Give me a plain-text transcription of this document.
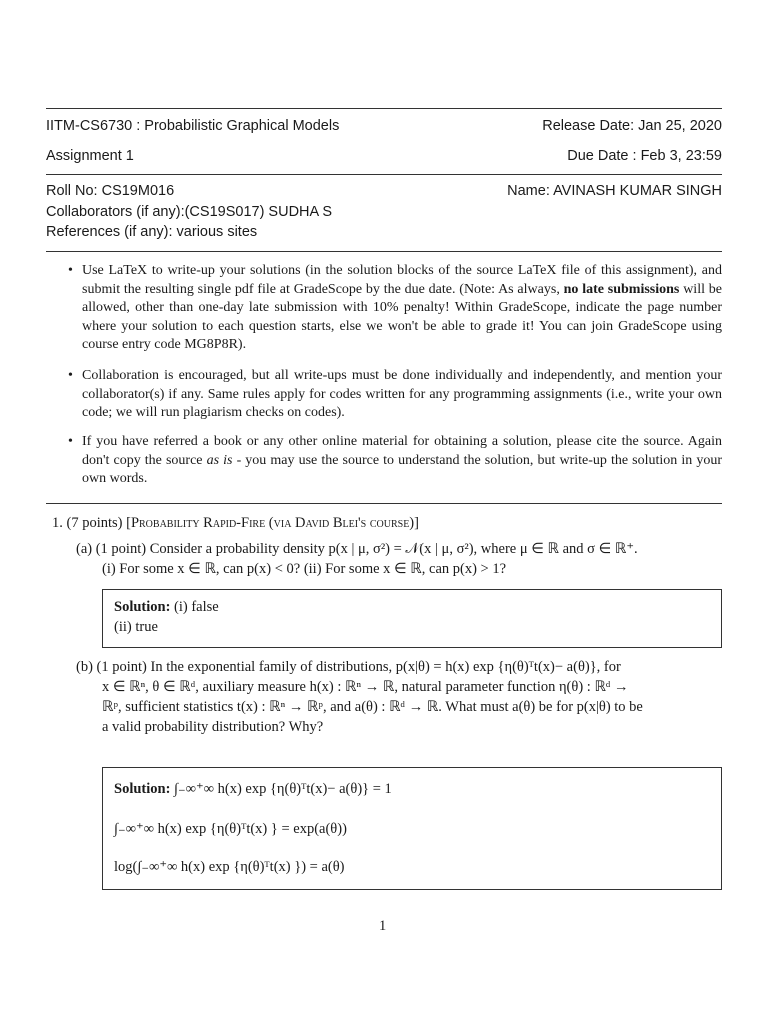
IITM-CS6730 : Probabilistic Graphical Models	Release Date: Jan 25, 2020
Assignment 1	Due Date : Feb 3, 23:59
Roll No: CS19M016	Name: AVINASH KUMAR SINGH
Collaborators (if any):(CS19S017) SUDHA S
References (if any): various sites
• Use LaTeX to write-up your solutions (in the solution blocks of the source LaTeX file of this assignment), and submit the resulting single pdf file at GradeScope by the due date. (Note: As always, no late submissions will be allowed, other than one-day late submission with 10% penalty! Within GradeScope, indicate the page number where your solution to each question starts, else we won't be able to grade it! You can join GradeScope using course entry code MG8P8R).
• Collaboration is encouraged, but all write-ups must be done individually and independently, and mention your collaborator(s) if any. Same rules apply for codes written for any programming assignments (i.e., write your own code; we will run plagiarism checks on codes).
• If you have referred a book or any other online material for obtaining a solution, please cite the source. Again don't copy the source as is - you may use the source to understand the solution, but write-up the solution in your own words.
1. (7 points) [Probability Rapid-Fire (via David Blei's course)]
(a) (1 point) Consider a probability density p(x | μ, σ²) = 𝒩(x | μ, σ²), where μ ∈ ℝ and σ ∈ ℝ⁺.
(i) For some x ∈ ℝ, can p(x) < 0? (ii) For some x ∈ ℝ, can p(x) > 1?
Solution: (i) false
(ii) true
(b) (1 point) In the exponential family of distributions, p(x|θ) = h(x) exp {η(θ)ᵀt(x)− a(θ)}, for
x ∈ ℝⁿ, θ ∈ ℝᵈ, auxiliary measure h(x) : ℝⁿ → ℝ, natural parameter function η(θ) : ℝᵈ →
ℝᵖ, sufficient statistics t(x) : ℝⁿ → ℝᵖ, and a(θ) : ℝᵈ → ℝ. What must a(θ) be for p(x|θ) to be
a valid probability distribution? Why?
Solution: ∫₋∞⁺∞ h(x) exp {η(θ)ᵀt(x)− a(θ)} = 1
∫₋∞⁺∞ h(x) exp {η(θ)ᵀt(x) } = exp(a(θ))
log(∫₋∞⁺∞ h(x) exp {η(θ)ᵀt(x) }) = a(θ)
1
